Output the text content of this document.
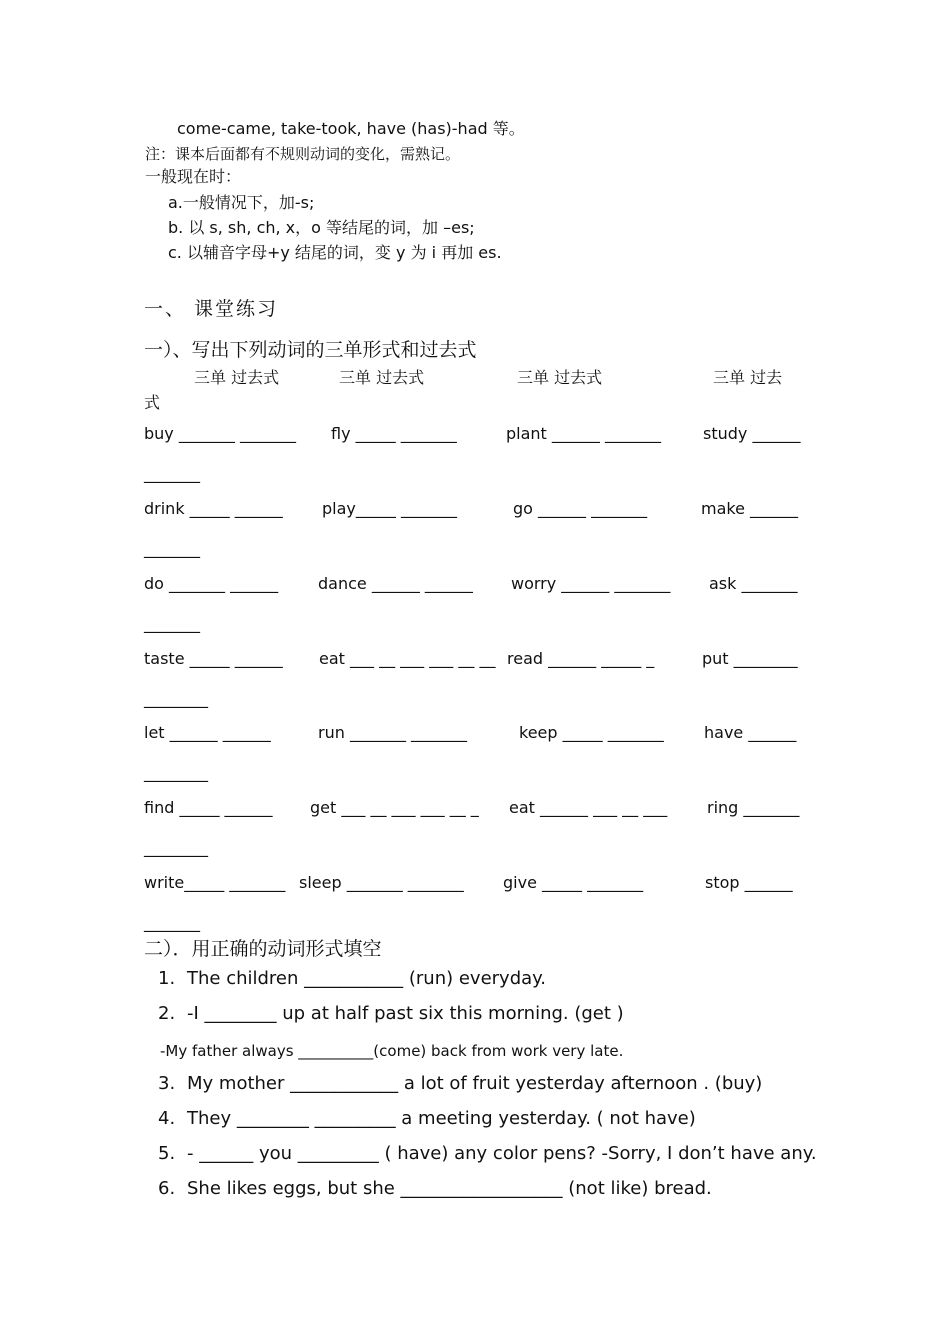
come-came, take-took, have (has)-had 等。
注：课本后面都有不规则动词的变化，需熟记。
一般现在时：
a.一般情况下，加-s;
b. 以 s, sh, ch, x，o 等结尾的词，加 –es;
c. 以辅音字母+y 结尾的词，变 y 为 i 再加 es.
一、 课堂练习
一）、写出下列动词的三单形式和过去式
三单 过去式	三单 过去式	三单 过去式	三单 过去
式
buy _______ _______ fly _____ _______	plant ______ _______	study ______
_______
drink _____ ______ play_____ _______	go ______ _______	make ______
_______
do _______ ______ dance ______ ______ worry ______ _______ ask _______
_______
taste _____ ______ eat ___ __ ___ ___ __ __ read ______ _____ _	put ________
________
let ______ ______	run _______ _______	keep _____ _______	have ______
________
find _____ ______ get ___ __ ___ ___ __ _ eat ______ ___ __ ___ ring _______
________
write_____ _______ sleep _______ _______ give _____ _______	stop ______
_______
二）．用正确的动词形式填空
1. The children ___________ (run) everyday.
2. -I ________ up at half past six this morning. (get )
-My father always __________(come) back from work very late.
3. My mother ____________ a lot of fruit yesterday afternoon . (buy)
4. They ________ _________ a meeting yesterday. ( not have)
5. - ______ you _________ ( have) any color pens? -Sorry, I don’t have any.
6. She likes eggs, but she __________________ (not like) bread.
